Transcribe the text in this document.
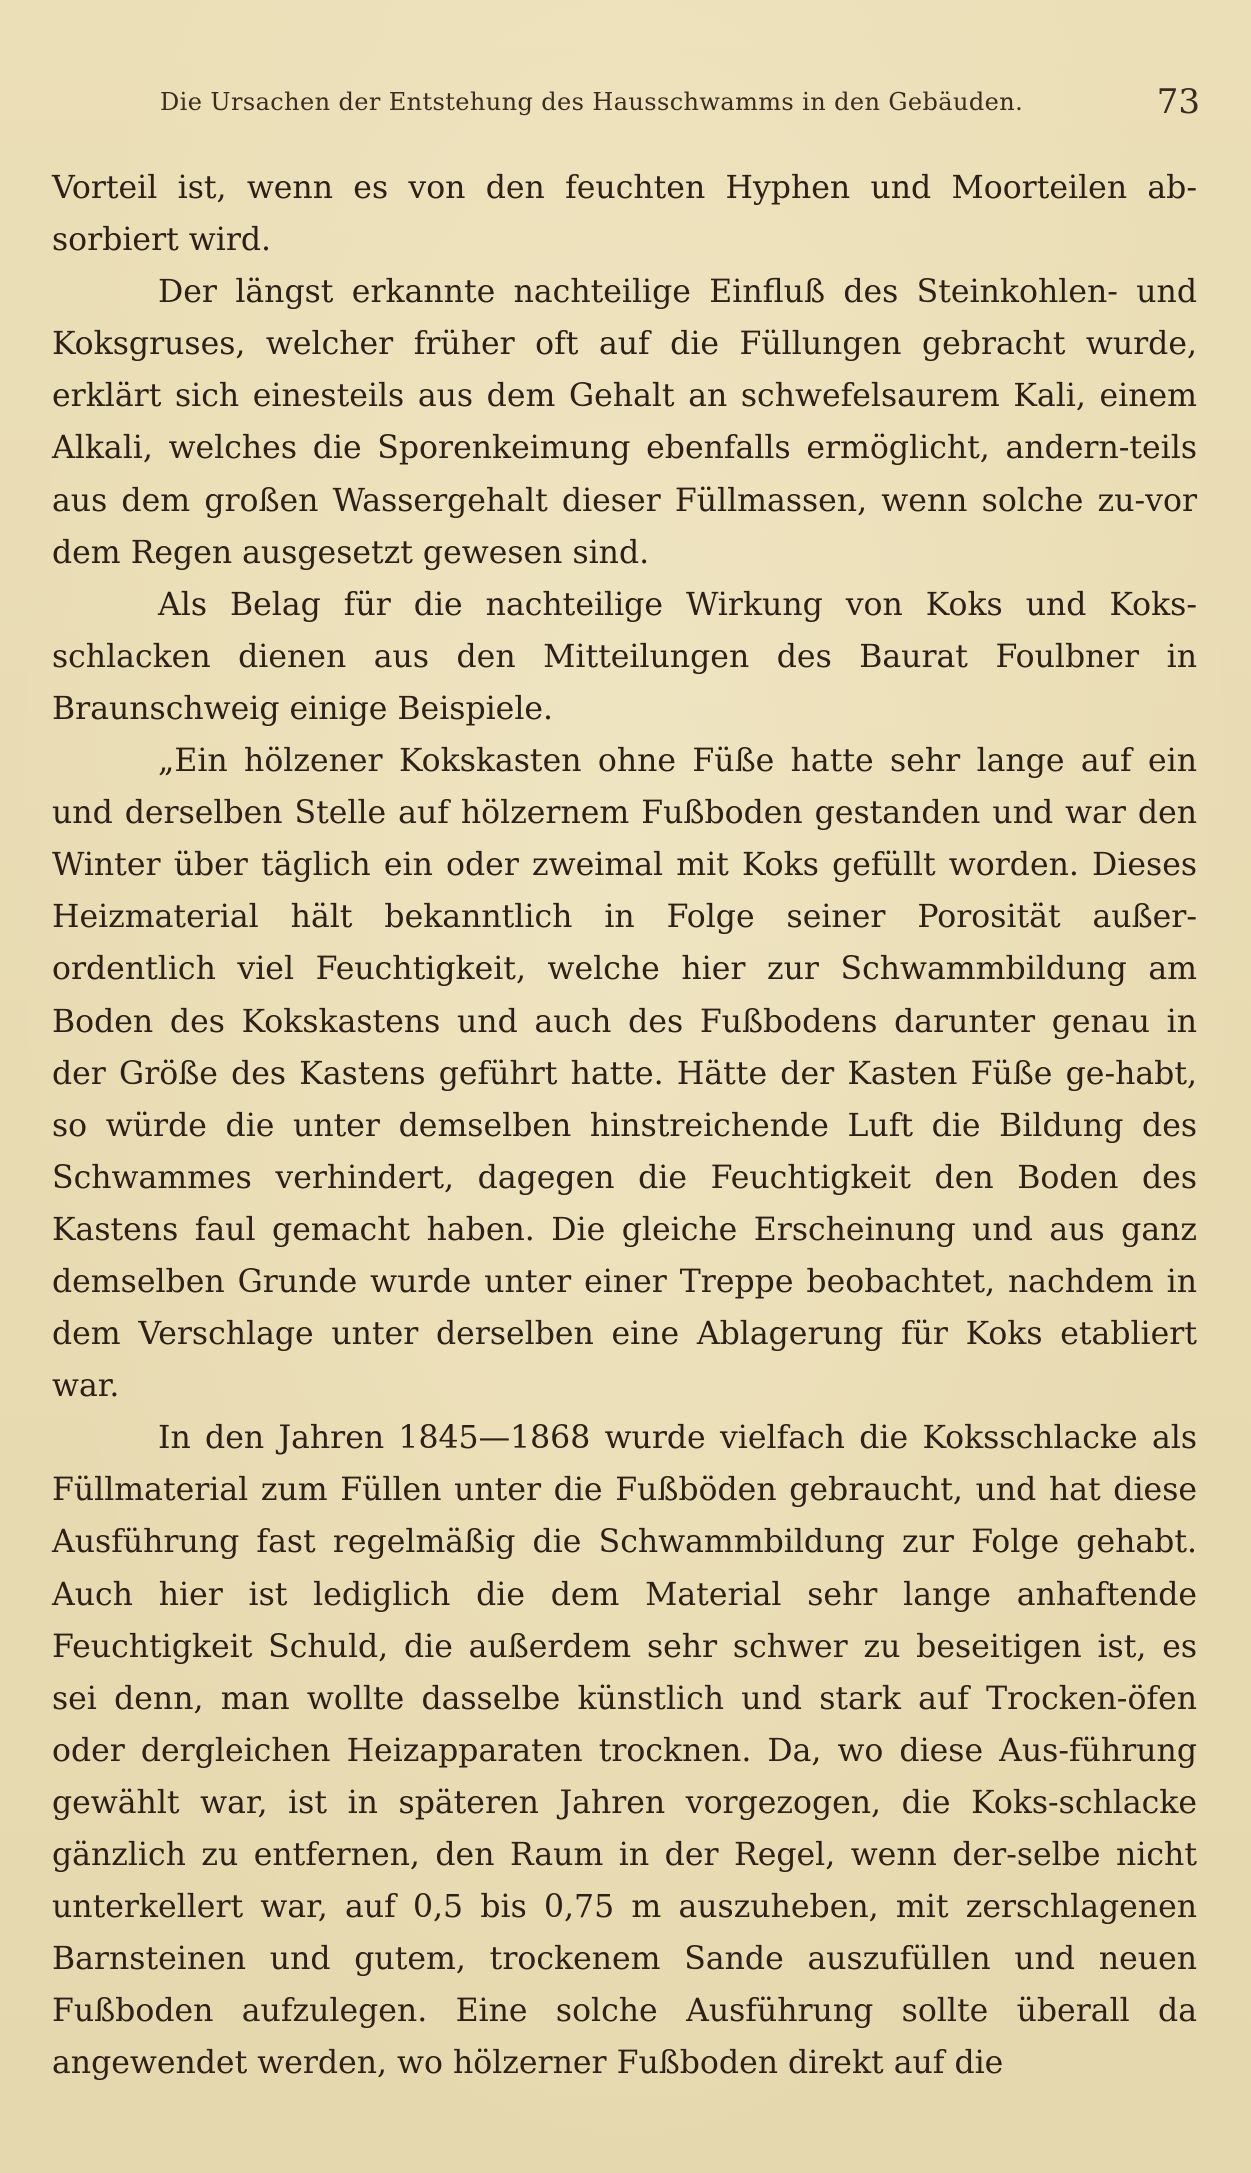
Die Ursachen der Entstehung des Hausschwamms in den Gebäuden.	73

Vorteil ist, wenn es von den feuchten Hyphen und Moorteilen ab-sorbiert wird.

Der längst erkannte nachteilige Einfluß des Steinkohlen- und Koksgruses, welcher früher oft auf die Füllungen gebracht wurde, erklärt sich einesteils aus dem Gehalt an schwefelsaurem Kali, einem Alkali, welches die Sporenkeimung ebenfalls ermöglicht, andern-teils aus dem großen Wassergehalt dieser Füllmassen, wenn solche zu-vor dem Regen ausgesetzt gewesen sind.

Als Belag für die nachteilige Wirkung von Koks und Koks-schlacken dienen aus den Mitteilungen des Baurat Foulbner in Braunschweig einige Beispiele.

„Ein hölzener Kokskasten ohne Füße hatte sehr lange auf ein und derselben Stelle auf hölzernem Fußboden gestanden und war den Winter über täglich ein oder zweimal mit Koks gefüllt worden. Dieses Heizmaterial hält bekanntlich in Folge seiner Porosität außer-ordentlich viel Feuchtigkeit, welche hier zur Schwammbildung am Boden des Kokskastens und auch des Fußbodens darunter genau in der Größe des Kastens geführt hatte. Hätte der Kasten Füße ge-habt, so würde die unter demselben hinstreichende Luft die Bildung des Schwammes verhindert, dagegen die Feuchtigkeit den Boden des Kastens faul gemacht haben. Die gleiche Erscheinung und aus ganz demselben Grunde wurde unter einer Treppe beobachtet, nachdem in dem Verschlage unter derselben eine Ablagerung für Koks etabliert war.

In den Jahren 1845—1868 wurde vielfach die Koksschlacke als Füllmaterial zum Füllen unter die Fußböden gebraucht, und hat diese Ausführung fast regelmäßig die Schwammbildung zur Folge gehabt. Auch hier ist lediglich die dem Material sehr lange anhaftende Feuchtigkeit Schuld, die außerdem sehr schwer zu beseitigen ist, es sei denn, man wollte dasselbe künstlich und stark auf Trocken-öfen oder dergleichen Heizapparaten trocknen. Da, wo diese Aus-führung gewählt war, ist in späteren Jahren vorgezogen, die Koks-schlacke gänzlich zu entfernen, den Raum in der Regel, wenn der-selbe nicht unterkellert war, auf 0,5 bis 0,75 m auszuheben, mit zerschlagenen Barnsteinen und gutem, trockenem Sande auszufüllen und neuen Fußboden aufzulegen. Eine solche Ausführung sollte überall da angewendet werden, wo hölzerner Fußboden direkt auf die
